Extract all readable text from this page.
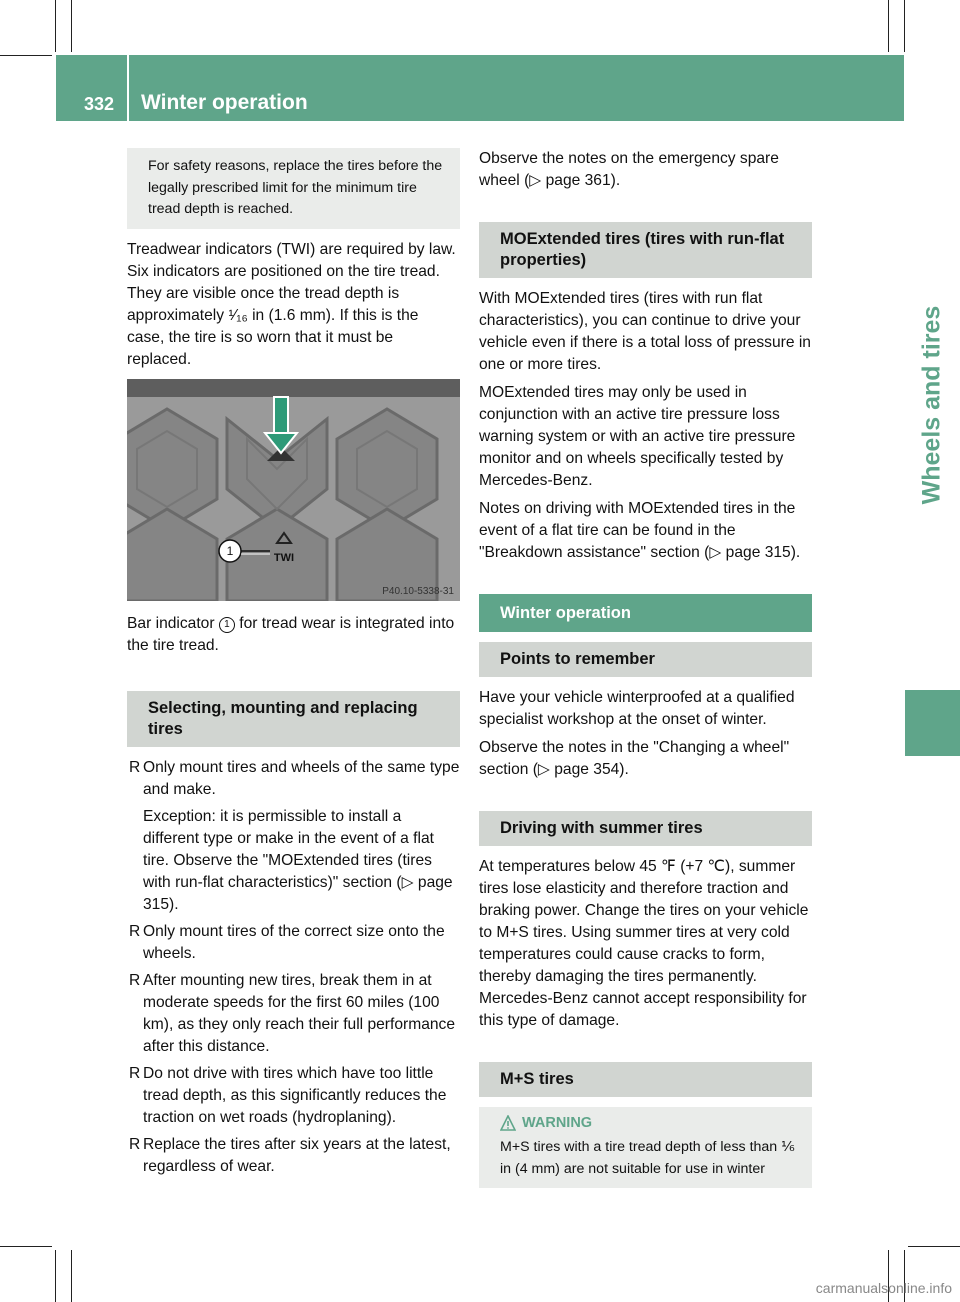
332 Winter operation
Wheels and tires

For safety reasons, replace the tires before the legally prescribed limit for the minimum tire tread depth is reached.

Treadwear indicators (TWI) are required by law. Six indicators are positioned on the tire tread. They are visible once the tread depth is approximately ¹⁄₁₆ in (1.6 mm). If this is the case, the tire is so worn that it must be replaced.

1	TWI
P40.10-5338-31

Bar indicator 1 for tread wear is integrated into the tire tread.

Selecting, mounting and replacing tires
R Only mount tires and wheels of the same type and make.

Exception: it is permissible to install a different type or make in the event of a flat tire. Observe the "MOExtended tires (tires with run-flat characteristics)" section (▷ page 315).

R Only mount tires of the correct size onto the wheels.

R After mounting new tires, break them in at moderate speeds for the first 60 miles (100 km), as they only reach their full performance after this distance.

R Do not drive with tires which have too little tread depth, as this significantly reduces the traction on wet roads (hydroplaning).

R Replace the tires after six years at the latest, regardless of wear.

Observe the notes on the emergency spare wheel (▷ page 361).

MOExtended tires (tires with run-flat properties)

With MOExtended tires (tires with run flat characteristics), you can continue to drive your vehicle even if there is a total loss of pressure in one or more tires.

MOExtended tires may only be used in conjunction with an active tire pressure loss warning system or with an active tire pressure monitor and on wheels specifically tested by Mercedes-Benz.

Notes on driving with MOExtended tires in the event of a flat tire can be found in the "Breakdown assistance" section (▷ page 315).

Winter operation
Points to remember

Have your vehicle winterproofed at a qualified specialist workshop at the onset of winter.

Observe the notes in the "Changing a wheel" section (▷ page 354).

Driving with summer tires

At temperatures below 45 ℉ (+7 ℃), summer tires lose elasticity and therefore traction and braking power. Change the tires on your vehicle to M+S tires. Using summer tires at very cold temperatures could cause cracks to form, thereby damaging the tires permanently. Mercedes-Benz cannot accept responsibility for this type of damage.

M+S tires
WARNING

M+S tires with a tire tread depth of less than ⅙ in (4 mm) are not suitable for use in winter

carmanualsonline.info
